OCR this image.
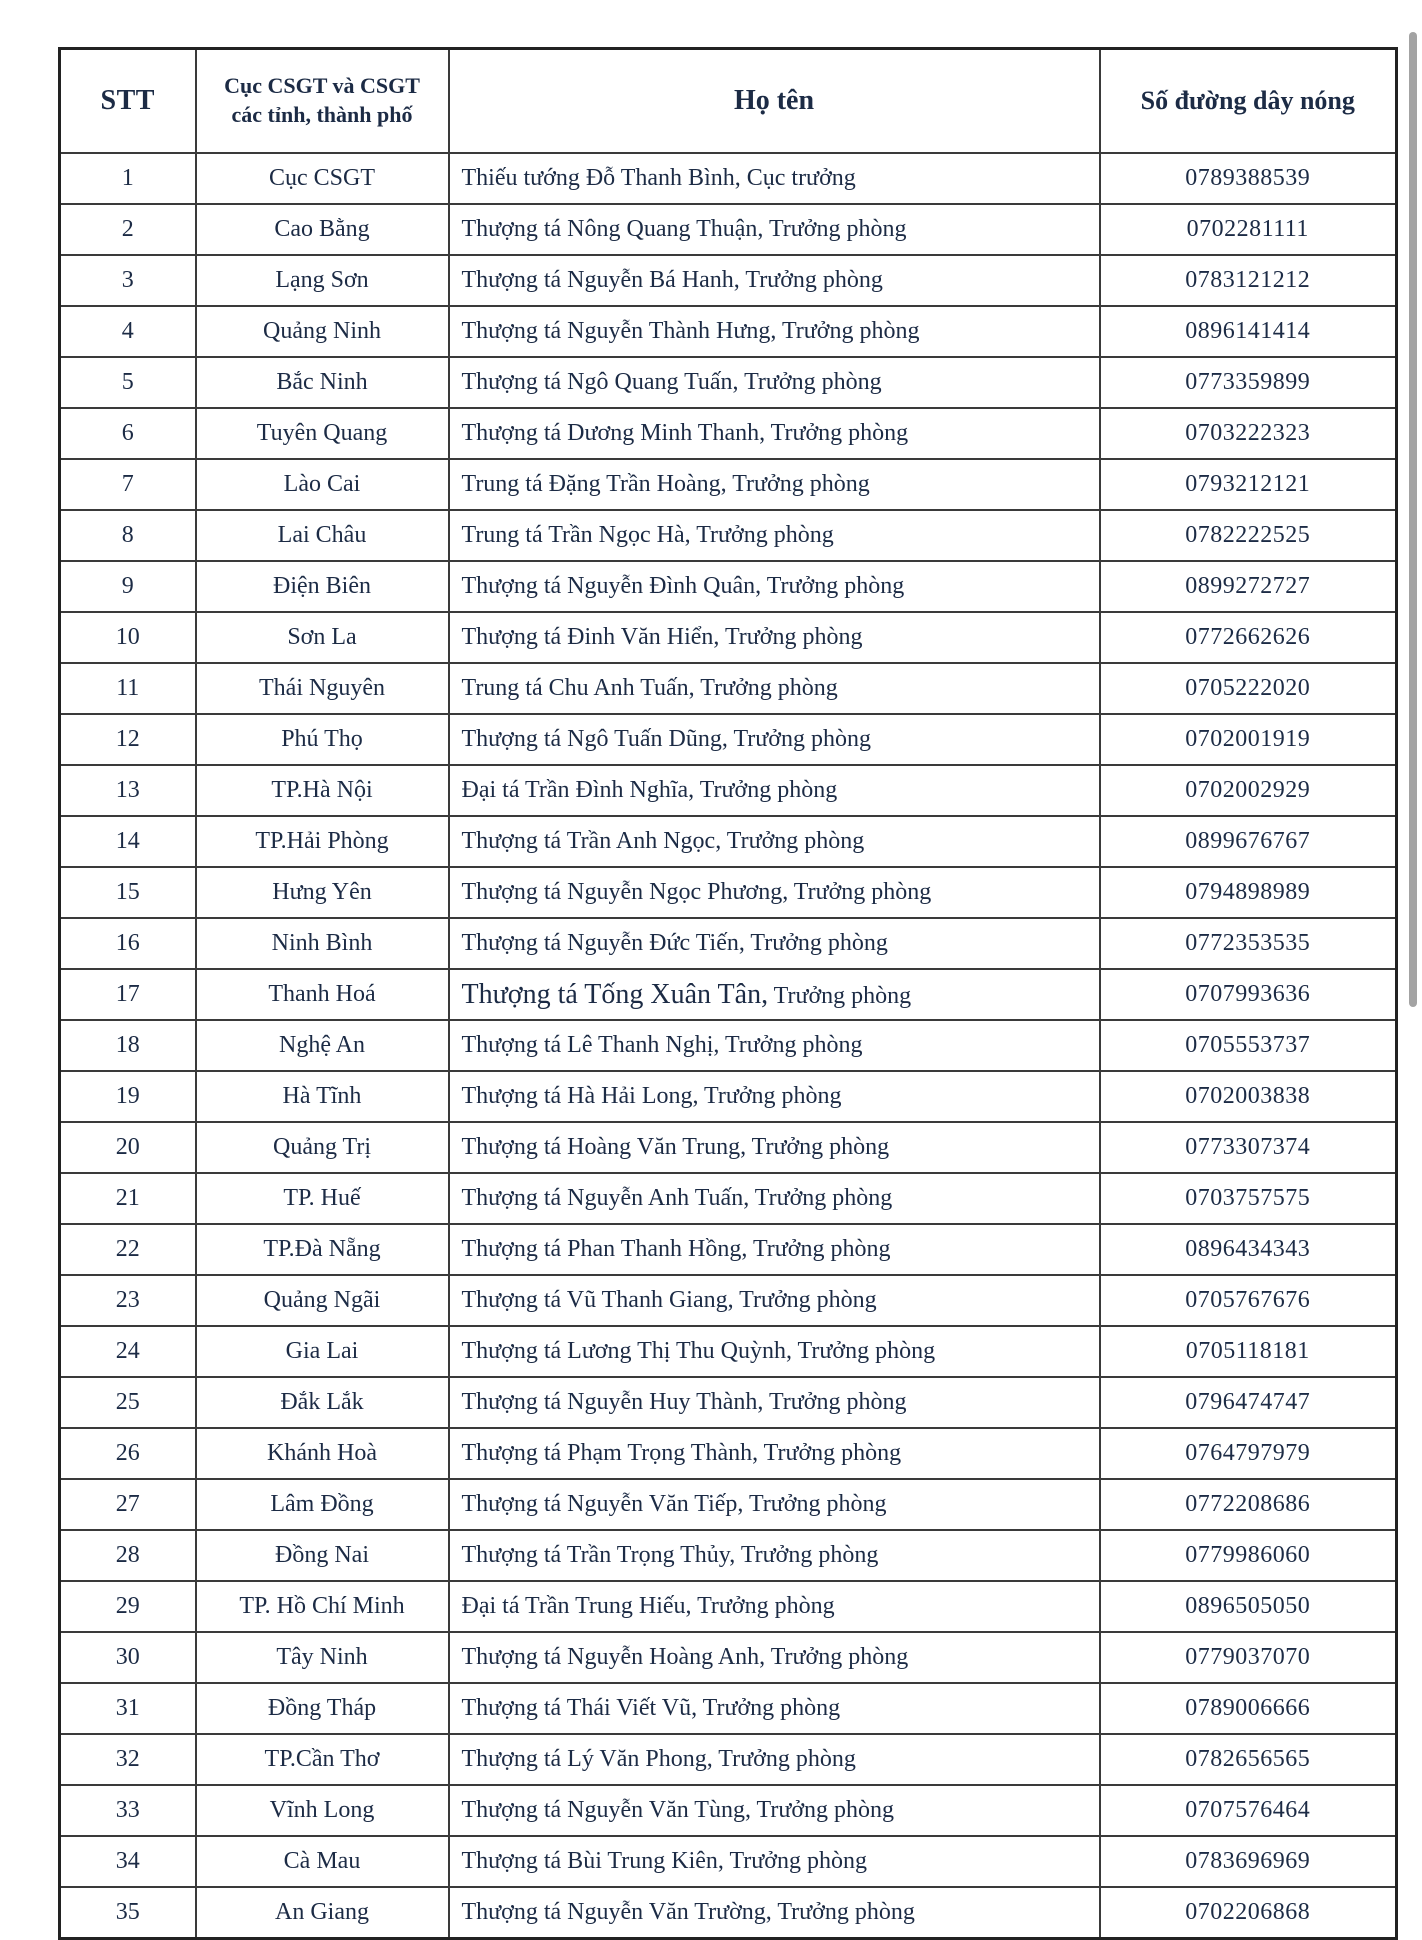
STT	Cục CSGT và CSGT các tỉnh, thành phố	Họ tên	Số đường dây nóng
1	Cục CSGT	Thiếu tướng Đỗ Thanh Bình, Cục trưởng	0789388539
2	Cao Bằng	Thượng tá Nông Quang Thuận, Trưởng phòng	0702281111
3	Lạng Sơn	Thượng tá Nguyễn Bá Hanh, Trưởng phòng	0783121212
4	Quảng Ninh	Thượng tá Nguyễn Thành Hưng, Trưởng phòng	0896141414
5	Bắc Ninh	Thượng tá Ngô Quang Tuấn, Trưởng phòng	0773359899
6	Tuyên Quang	Thượng tá Dương Minh Thanh, Trưởng phòng	0703222323
7	Lào Cai	Trung tá Đặng Trần Hoàng, Trưởng phòng	0793212121
8	Lai Châu	Trung tá Trần Ngọc Hà, Trưởng phòng	0782222525
9	Điện Biên	Thượng tá Nguyễn Đình Quân, Trưởng phòng	0899272727
10	Sơn La	Thượng tá Đinh Văn Hiển, Trưởng phòng	0772662626
11	Thái Nguyên	Trung tá Chu Anh Tuấn, Trưởng phòng	0705222020
12	Phú Thọ	Thượng tá Ngô Tuấn Dũng, Trưởng phòng	0702001919
13	TP.Hà Nội	Đại tá Trần Đình Nghĩa, Trưởng phòng	0702002929
14	TP.Hải Phòng	Thượng tá Trần Anh Ngọc, Trưởng phòng	0899676767
15	Hưng Yên	Thượng tá Nguyễn Ngọc Phương, Trưởng phòng	0794898989
16	Ninh Bình	Thượng tá Nguyễn Đức Tiến, Trưởng phòng	0772353535
17	Thanh Hoá	Thượng tá Tống Xuân Tân, Trưởng phòng	0707993636
18	Nghệ An	Thượng tá Lê Thanh Nghị, Trưởng phòng	0705553737
19	Hà Tĩnh	Thượng tá Hà Hải Long, Trưởng phòng	0702003838
20	Quảng Trị	Thượng tá Hoàng Văn Trung, Trưởng phòng	0773307374
21	TP. Huế	Thượng tá Nguyễn Anh Tuấn, Trưởng phòng	0703757575
22	TP.Đà Nẵng	Thượng tá Phan Thanh Hồng, Trưởng phòng	0896434343
23	Quảng Ngãi	Thượng tá Vũ Thanh Giang, Trưởng phòng	0705767676
24	Gia Lai	Thượng tá Lương Thị Thu Quỳnh, Trưởng phòng	0705118181
25	Đắk Lắk	Thượng tá Nguyễn Huy Thành, Trưởng phòng	0796474747
26	Khánh Hoà	Thượng tá Phạm Trọng Thành, Trưởng phòng	0764797979
27	Lâm Đồng	Thượng tá Nguyễn Văn Tiếp, Trưởng phòng	0772208686
28	Đồng Nai	Thượng tá Trần Trọng Thủy, Trưởng phòng	0779986060
29	TP. Hồ Chí Minh	Đại tá Trần Trung Hiếu, Trưởng phòng	0896505050
30	Tây Ninh	Thượng tá Nguyễn Hoàng Anh, Trưởng phòng	0779037070
31	Đồng Tháp	Thượng tá Thái Viết Vũ, Trưởng phòng	0789006666
32	TP.Cần Thơ	Thượng tá Lý Văn Phong, Trưởng phòng	0782656565
33	Vĩnh Long	Thượng tá Nguyễn Văn Tùng, Trưởng phòng	0707576464
34	Cà Mau	Thượng tá Bùi Trung Kiên, Trưởng phòng	0783696969
35	An Giang	Thượng tá Nguyễn Văn Trường, Trưởng phòng	0702206868
